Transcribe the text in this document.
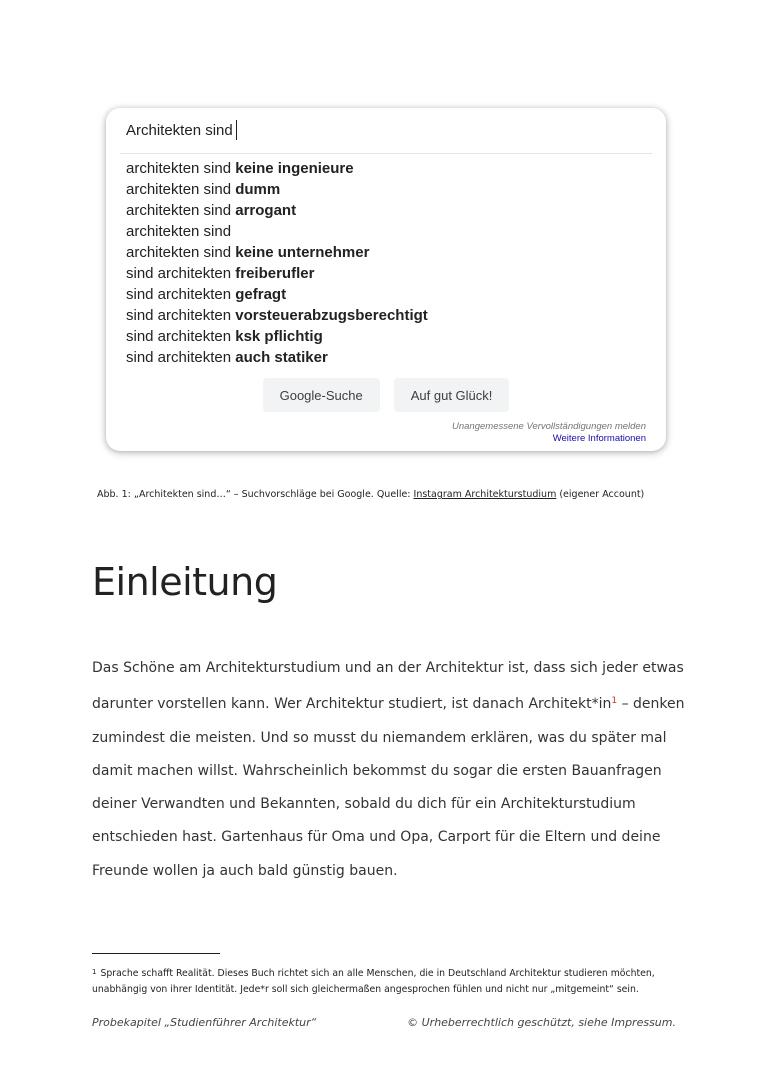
Architekten sind
architekten sind keine ingenieure
architekten sind dumm
architekten sind arrogant
architekten sind
architekten sind keine unternehmer
sind architekten freiberufler
sind architekten gefragt
sind architekten vorsteuerabzugsberechtigt
sind architekten ksk pflichtig
sind architekten auch statiker
Google-Suche	Auf gut Glück!
Unangemessene Vervollständigungen melden
Weitere Informationen
Abb. 1: „Architekten sind…“ – Suchvorschläge bei Google. Quelle: Instagram Architekturstudium (eigener Account)
Einleitung

Das Schöne am Architekturstudium und an der Architektur ist, dass sich jeder etwas darunter vorstellen kann. Wer Architektur studiert, ist danach Architekt*in$^1$ – denken zumindest die meisten. Und so musst du niemandem erklären, was du später mal damit machen willst. Wahrscheinlich bekommst du sogar die ersten Bauanfragen deiner Verwandten und Bekannten, sobald du dich für ein Architekturstudium entschieden hast. Gartenhaus für Oma und Opa, Carport für die Eltern und deine Freunde wollen ja auch bald günstig bauen.

$^1$ Sprache schafft Realität. Dieses Buch richtet sich an alle Menschen, die in Deutschland Architektur studieren möchten, unabhängig von ihrer Identität. Jede*r soll sich gleichermaßen angesprochen fühlen und nicht nur „mitgemeint“ sein.
Probekapitel „Studienführer Architektur“	© Urheberrechtlich geschützt, siehe Impressum.
